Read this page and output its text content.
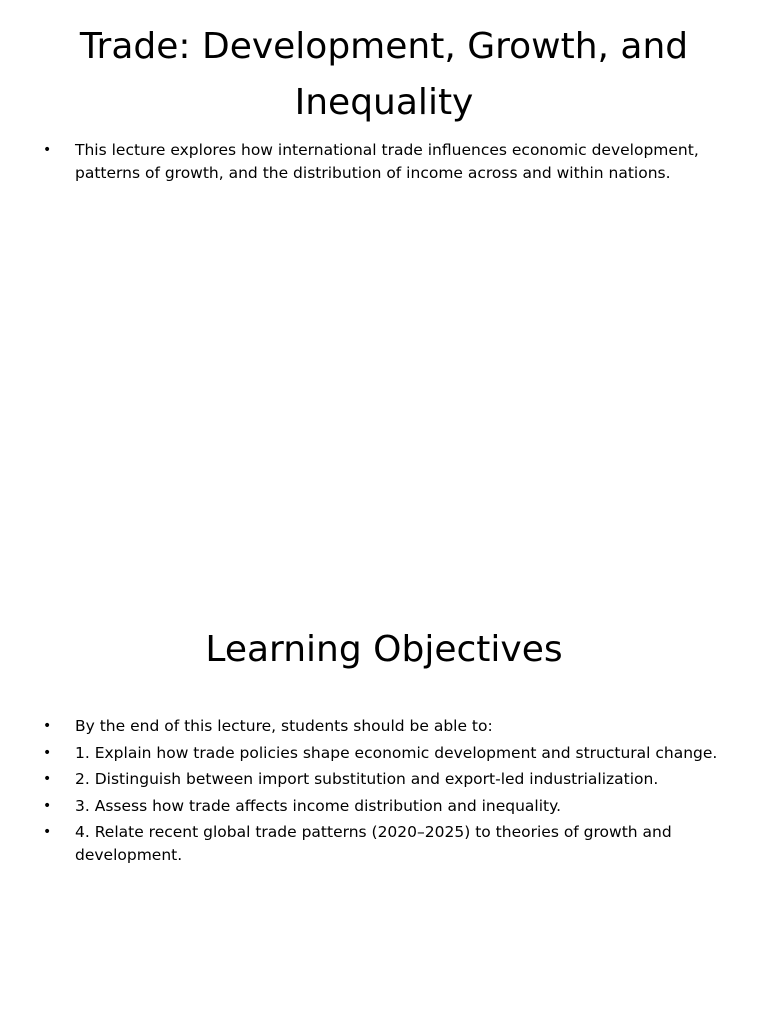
Trade: Development, Growth, and Inequality
• This lecture explores how international trade influences economic development, patterns of growth, and the distribution of income across and within nations.
Learning Objectives
• By the end of this lecture, students should be able to:
• 1. Explain how trade policies shape economic development and structural change.
• 2. Distinguish between import substitution and export-led industrialization.
• 3. Assess how trade affects income distribution and inequality.
• 4. Relate recent global trade patterns (2020–2025) to theories of growth and development.
